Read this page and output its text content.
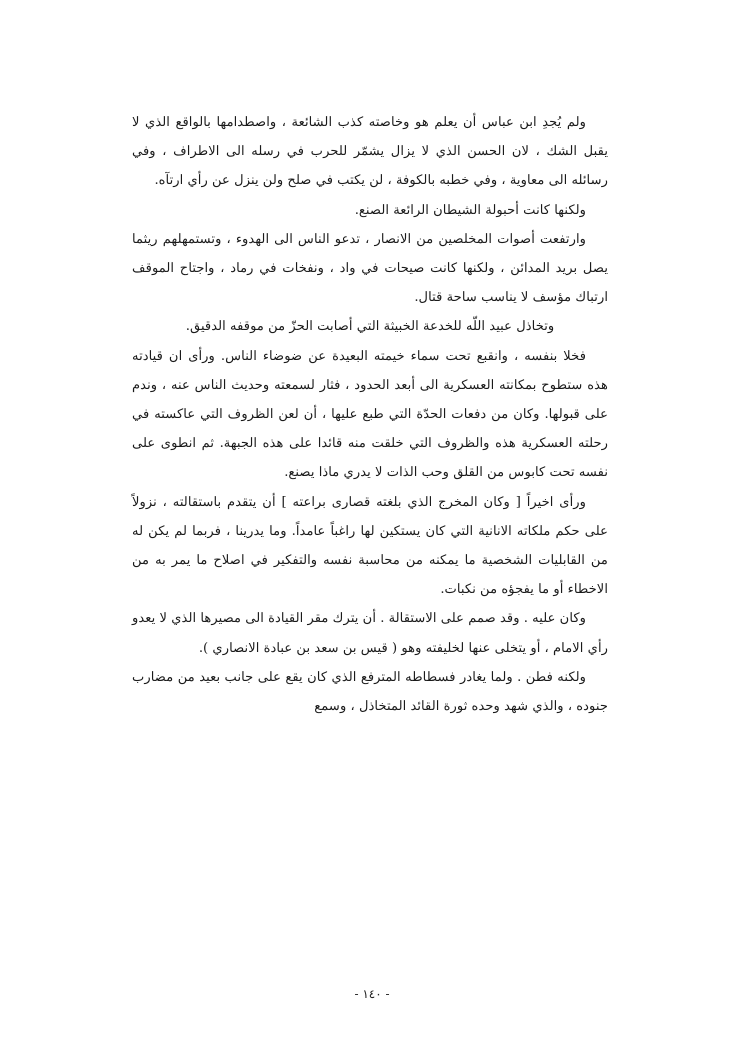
ولم يُجدِ ابن عباس أن يعلم هو وخاصته كذب الشائعة ، واصطدامها بالواقع الذي لا يقبل الشك ، لان الحسن الذي لا يزال يشمّر للحرب في رسله الى الاطراف ، وفي رسائله الى معاوية ، وفي خطبه بالكوفة ، لن يكتب في صلح ولن ينزل عن رأي ارتآه.

ولكنها كانت أحبولة الشيطان الرائعة الصنع.

وارتفعت أصوات المخلصين من الانصار ، تدعو الناس الى الهدوء ، وتستمهلهم ريثما يصل بريد المدائن ، ولكنها كانت صيحات في واد ، ونفخات في رماد ، واجتاح الموقف ارتباك مؤسف لا يناسب ساحة قتال.

وتخاذل عبيد اللّه للخدعة الخبيثة التي أصابت الحزّ من موقفه الدقيق.

فخلا بنفسه ، وانقبع تحت سماء خيمته البعيدة عن ضوضاء الناس. ورأى ان قيادته هذه ستطوح بمكانته العسكرية الى أبعد الحدود ، فثار لسمعته وحديث الناس عنه ، وندم على قبولها. وكان من دفعات الحدّة التي طبع عليها ، أن لعن الظروف التي عاكسته في رحلته العسكرية هذه والظروف التي خلقت منه قائدا على هذه الجبهة. ثم انطوى على نفسه تحت كابوس من القلق وحب الذات لا يدري ماذا يصنع.

ورأى اخيراً [ وكان المخرج الذي بلغته قصارى براعته ] أن يتقدم باستقالته ، نزولاً على حكم ملكاته الانانية التي كان يستكين لها راغباً عامداً. وما يدرينا ، فربما لم يكن له من القابليات الشخصية ما يمكنه من محاسبة نفسه والتفكير في اصلاح ما يمر به من الاخطاء أو ما يفجؤه من نكبات.

وكان عليه . وقد صمم على الاستقالة . أن يترك مقر القيادة الى مصيرها الذي لا يعدو رأي الامام ، أو يتخلى عنها لخليفته وهو ( قيس بن سعد بن عبادة الانصاري ).

ولكنه فطن . ولما يغادر فسطاطه المترفع الذي كان يقع على جانب بعيد من مضارب جنوده ، والذي شهد وحده ثورة القائد المتخاذل ، وسمع

- ١٤٠ -
